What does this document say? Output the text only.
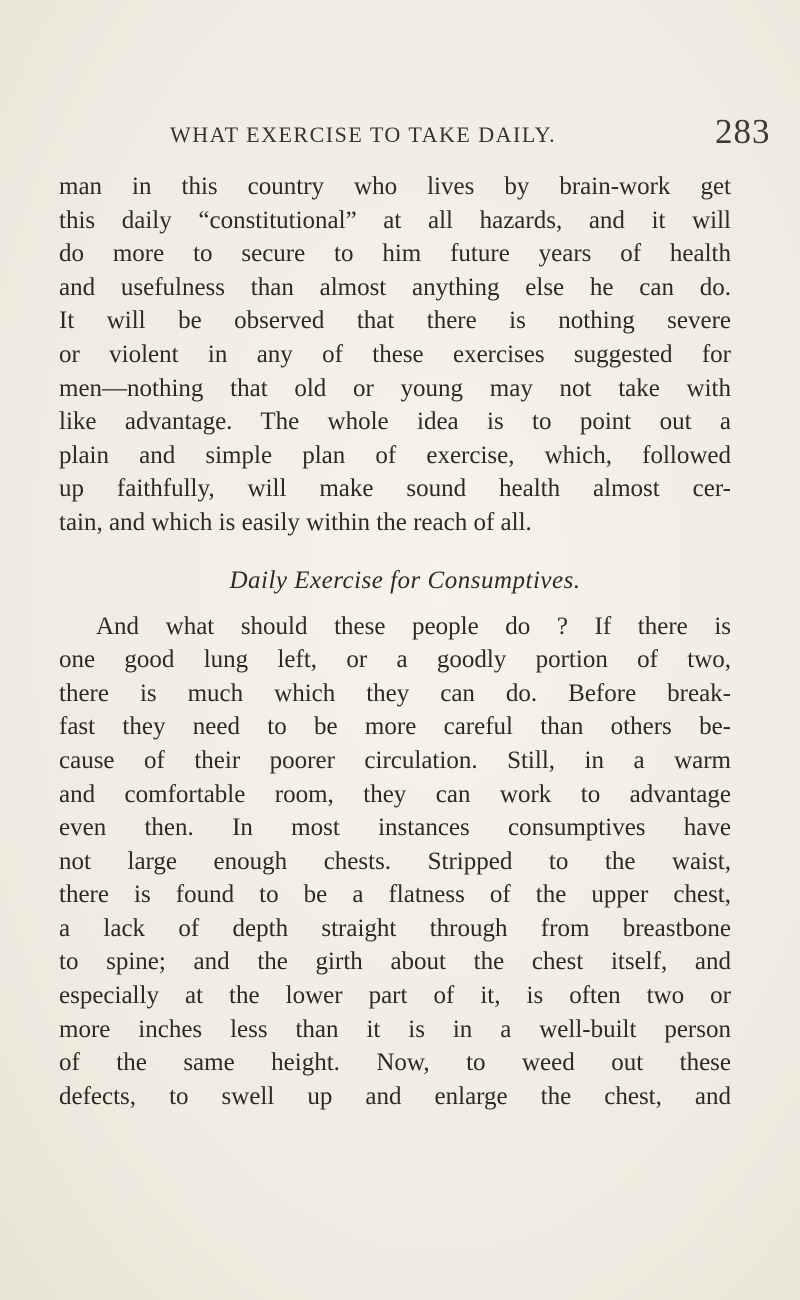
WHAT EXERCISE TO TAKE DAILY.	283
man in this country who lives by brain-work get
this daily “constitutional” at all hazards, and it will
do more to secure to him future years of health
and usefulness than almost anything else he can do.
It will be observed that there is nothing severe
or violent in any of these exercises suggested for
men—nothing that old or young may not take with
like advantage. The whole idea is to point out a
plain and simple plan of exercise, which, followed
up faithfully, will make sound health almost cer-
tain, and which is easily within the reach of all.
Daily Exercise for Consumptives.
And what should these people do ? If there is
one good lung left, or a goodly portion of two,
there is much which they can do. Before break-
fast they need to be more careful than others be-
cause of their poorer circulation. Still, in a warm
and comfortable room, they can work to advantage
even then. In most instances consumptives have
not large enough chests. Stripped to the waist,
there is found to be a flatness of the upper chest,
a lack of depth straight through from breastbone
to spine; and the girth about the chest itself, and
especially at the lower part of it, is often two or
more inches less than it is in a well-built person
of the same height. Now, to weed out these
defects, to swell up and enlarge the chest, and
